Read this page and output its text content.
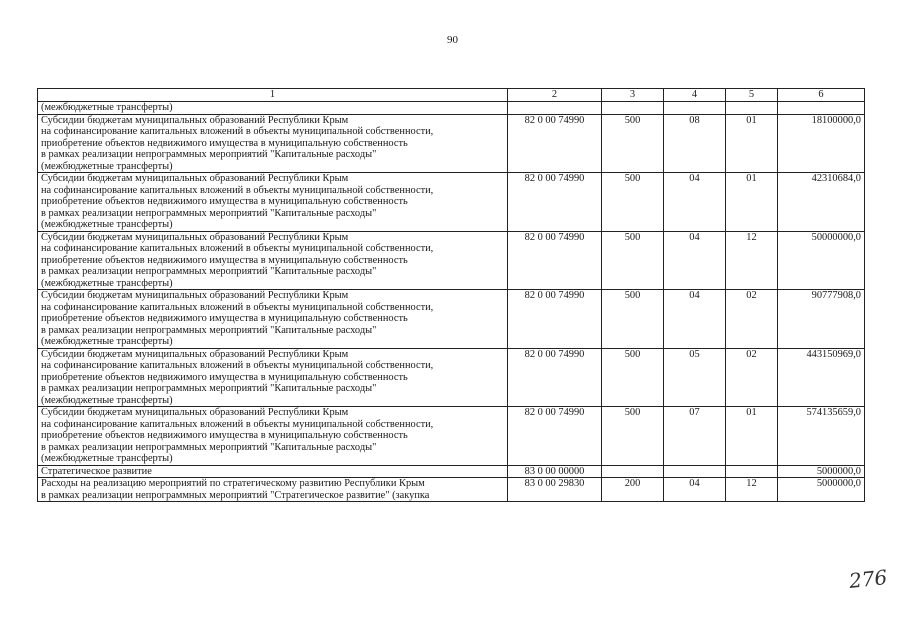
90
1	2	3	4	5	6
(межбюджетные трансферты)					

Субсидии бюджетам муниципальных образований Республики Крым
на софинансирование капитальных вложений в объекты муниципальной собственности,
приобретение объектов недвижимого имущества в муниципальную собственность
в рамках реализации непрограммных мероприятий "Капитальные расходы"
(межбюджетные трансферты)	82 0 00 74990	500	08	01	18100000,0

Субсидии бюджетам муниципальных образований Республики Крым
на софинансирование капитальных вложений в объекты муниципальной собственности,
приобретение объектов недвижимого имущества в муниципальную собственность
в рамках реализации непрограммных мероприятий "Капитальные расходы"
(межбюджетные трансферты)	82 0 00 74990	500	04	01	42310684,0

Субсидии бюджетам муниципальных образований Республики Крым
на софинансирование капитальных вложений в объекты муниципальной собственности,
приобретение объектов недвижимого имущества в муниципальную собственность
в рамках реализации непрограммных мероприятий "Капитальные расходы"
(межбюджетные трансферты)	82 0 00 74990	500	04	12	50000000,0

Субсидии бюджетам муниципальных образований Республики Крым
на софинансирование капитальных вложений в объекты муниципальной собственности,
приобретение объектов недвижимого имущества в муниципальную собственность
в рамках реализации непрограммных мероприятий "Капитальные расходы"
(межбюджетные трансферты)	82 0 00 74990	500	04	02	90777908,0

Субсидии бюджетам муниципальных образований Республики Крым
на софинансирование капитальных вложений в объекты муниципальной собственности,
приобретение объектов недвижимого имущества в муниципальную собственность
в рамках реализации непрограммных мероприятий "Капитальные расходы"
(межбюджетные трансферты)	82 0 00 74990	500	05	02	443150969,0

Субсидии бюджетам муниципальных образований Республики Крым
на софинансирование капитальных вложений в объекты муниципальной собственности,
приобретение объектов недвижимого имущества в муниципальную собственность
в рамках реализации непрограммных мероприятий "Капитальные расходы"
(межбюджетные трансферты)	82 0 00 74990	500	07	01	574135659,0

Стратегическое развитие	83 0 00 00000				5000000,0

Расходы на реализацию мероприятий по стратегическому развитию Республики Крым
в рамках реализации непрограммных мероприятий "Стратегическое развитие" (закупка	83 0 00 29830	200	04	12	5000000,0
276
